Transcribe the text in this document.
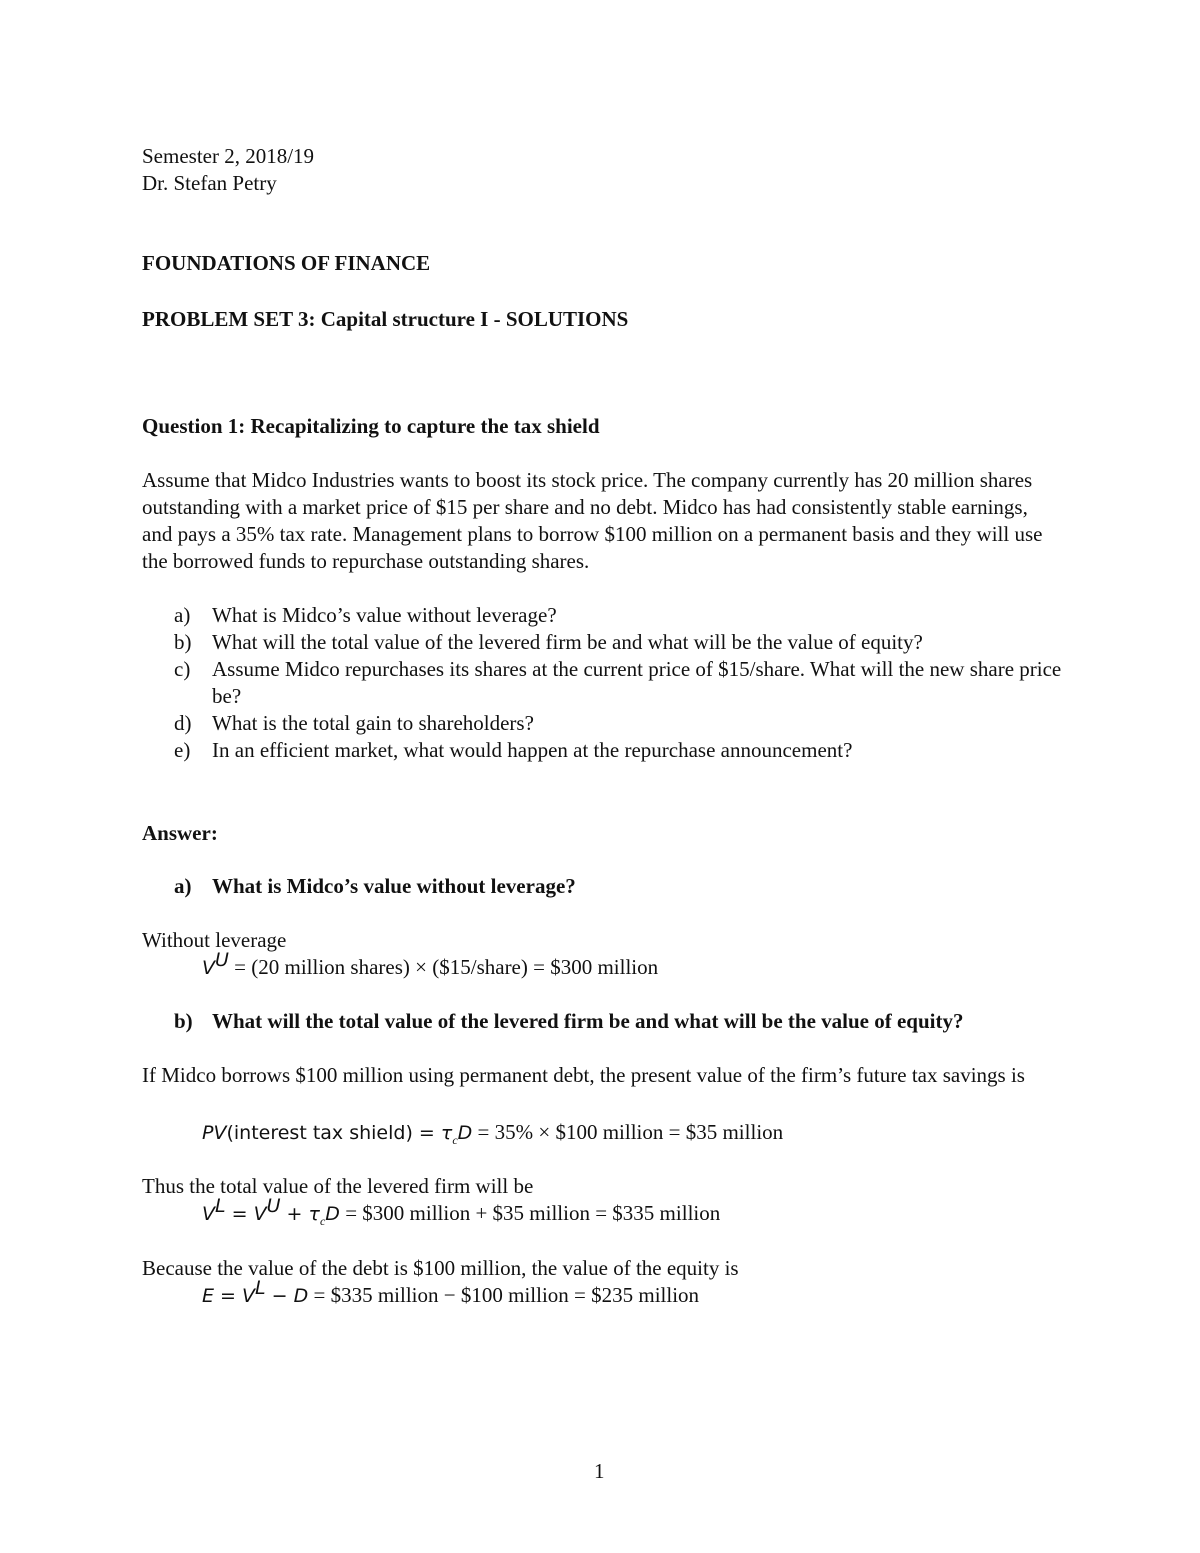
Semester 2, 2018/19
Dr. Stefan Petry
FOUNDATIONS OF FINANCE
PROBLEM SET 3: Capital structure I - SOLUTIONS
Question 1: Recapitalizing to capture the tax shield
Assume that Midco Industries wants to boost its stock price. The company currently has 20 million shares outstanding with a market price of $15 per share and no debt. Midco has had consistently stable earnings, and pays a 35% tax rate. Management plans to borrow $100 million on a permanent basis and they will use the borrowed funds to repurchase outstanding shares.
a) What is Midco’s value without leverage?
b) What will the total value of the levered firm be and what will be the value of equity?
c) Assume Midco repurchases its shares at the current price of $15/share. What will the new share price be?
d) What is the total gain to shareholders?
e) In an efficient market, what would happen at the repurchase announcement?
Answer:
a) What is Midco’s value without leverage?
Without leverage
$V^U = (20$ million shares) × ($15/share) = $300 million
b) What will the total value of the levered firm be and what will be the value of equity?
If Midco borrows $100 million using permanent debt, the present value of the firm’s future tax savings is
PV(interest tax shield) = $\tau_cD = 35\%$ × $100 million = $35 million
Thus the total value of the levered firm will be
$V^L = V^U + \tau_cD$ = $300 million + $35 million = $335 million
Because the value of the debt is $100 million, the value of the equity is
$E = V^L - D$ = $335 million − $100 million = $235 million
1
